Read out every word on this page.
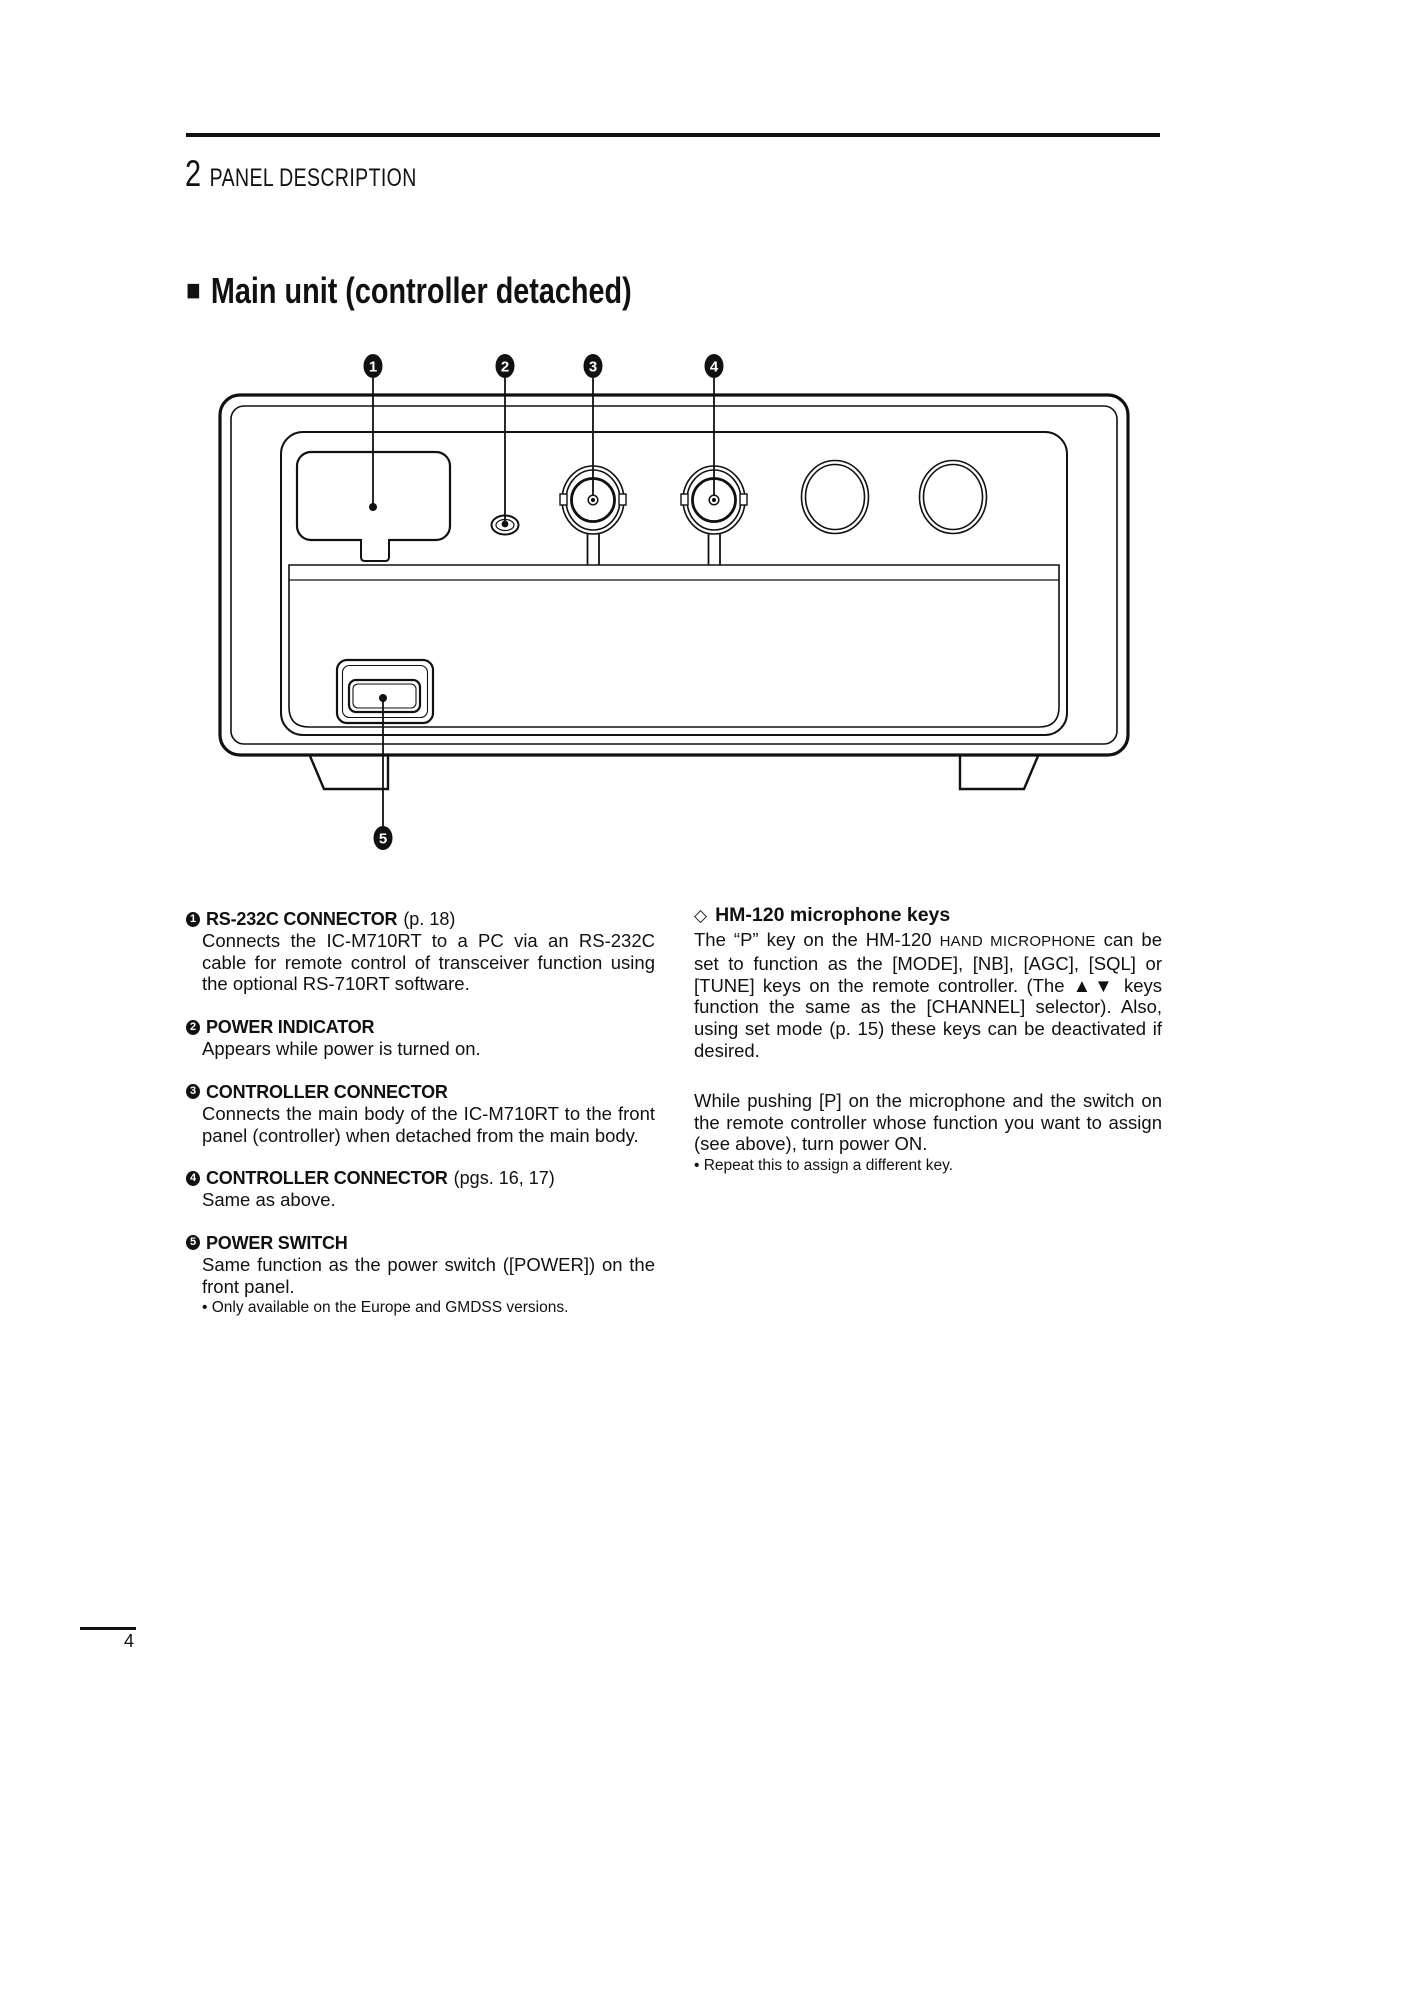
2 PANEL DESCRIPTION
■ Main unit (controller detached)
1	2	3	4
5
1 RS-232C CONNECTOR (p. 18)

Connects the IC-M710RT to a PC via an RS-232C cable for remote control of transceiver function using the optional RS-710RT software.

2 POWER INDICATOR

Appears while power is turned on.

3 CONTROLLER CONNECTOR

Connects the main body of the IC-M710RT to the front panel (controller) when detached from the main body.

4 CONTROLLER CONNECTOR (pgs. 16, 17)

Same as above.

5 POWER SWITCH

Same function as the power switch ([POWER]) on the front panel.

• Only available on the Europe and GMDSS versions.

◇ HM-120 microphone keys

The “P” key on the HM-120 HAND MICROPHONE can be set to function as the [MODE], [NB], [AGC], [SQL] or [TUNE] keys on the remote controller. (The ▲▼ keys function the same as the [CHANNEL] selector). Also, using set mode (p. 15) these keys can be deactivated if desired.

While pushing [P] on the microphone and the switch on the remote controller whose function you want to assign (see above), turn power ON.

• Repeat this to assign a different key.

4
